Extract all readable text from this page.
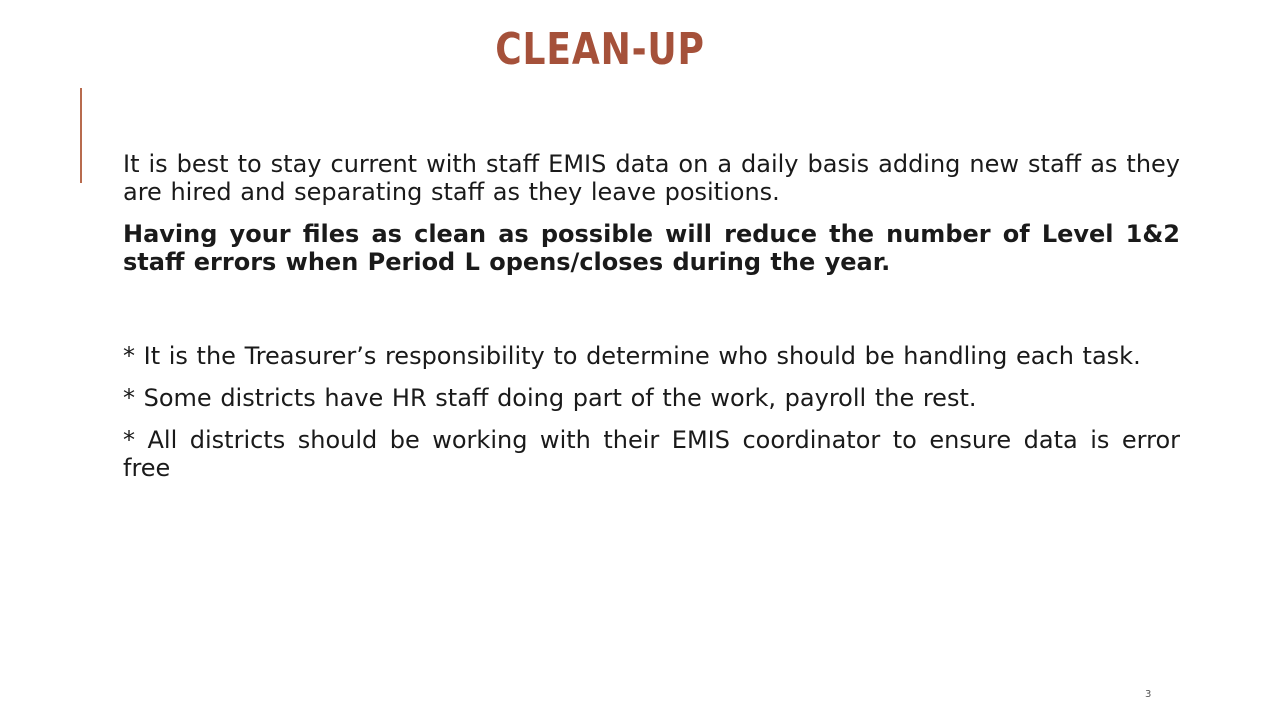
CLEAN-UP

It is best to stay current with staff EMIS data on a daily basis adding new staff as they are hired and separating staff as they leave positions.

Having your files as clean as possible will reduce the number of Level 1&2 staff errors when Period L opens/closes during the year.

* It is the Treasurer’s responsibility to determine who should be handling each task.

* Some districts have HR staff doing part of the work, payroll the rest.

* All districts should be working with their EMIS coordinator to ensure data is error free

3
